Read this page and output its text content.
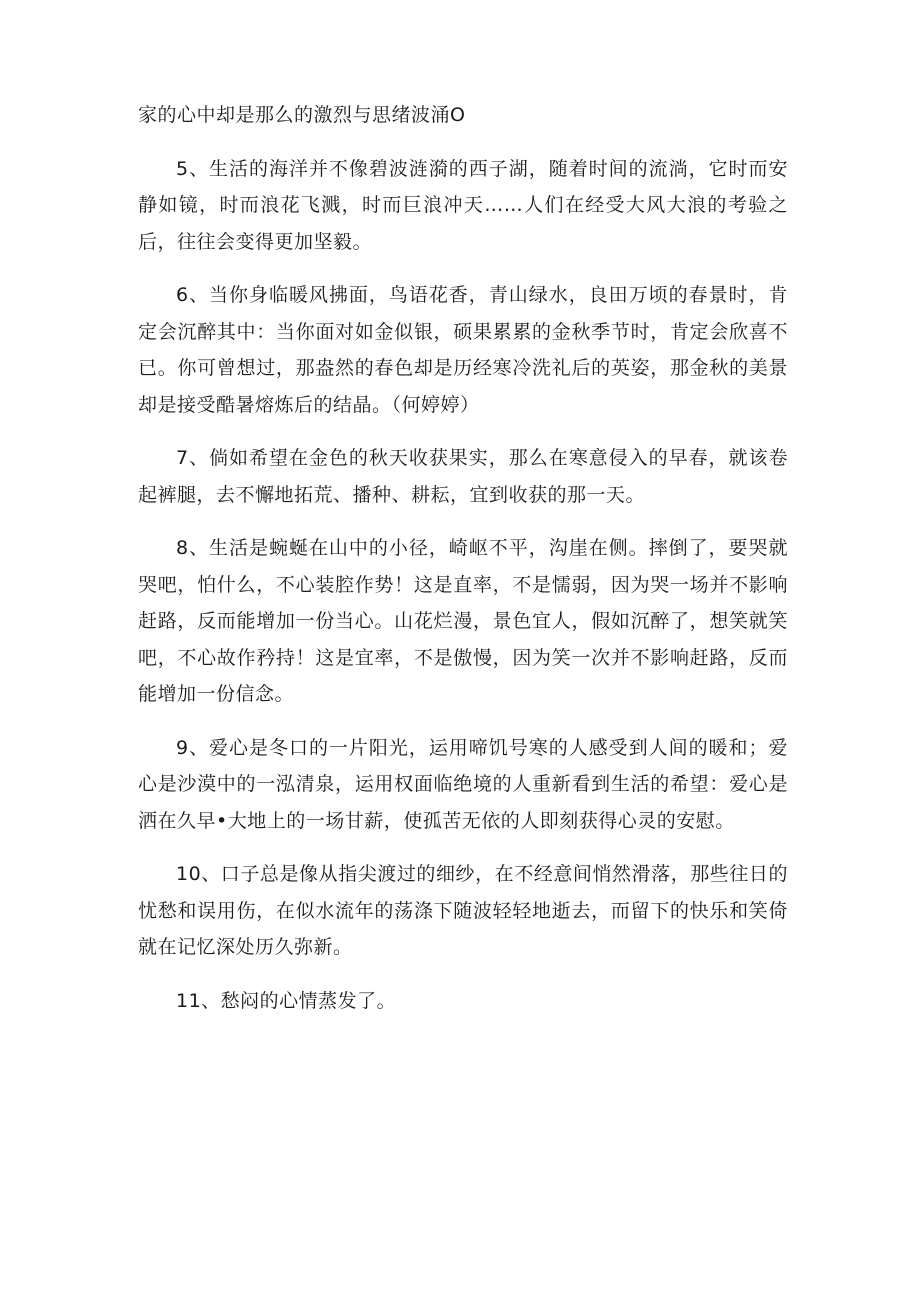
家的心中却是那么的激烈与思绪波涌O

5、生活的海洋并不像碧波涟漪的西子湖，随着时间的流淌，它时而安静如镜，时而浪花飞溅，时而巨浪冲天……人们在经受大风大浪的考验之后，往往会变得更加坚毅。

6、当你身临暖风拂面，鸟语花香，青山绿水，良田万顷的春景时，肯定会沉醉其中：当你面对如金似银，硕果累累的金秋季节时，肯定会欣喜不已。你可曾想过，那盎然的春色却是历经寒冷洗礼后的英姿，那金秋的美景却是接受酷暑熔炼后的结晶。（何婷婷）

7、倘如希望在金色的秋天收获果实，那么在寒意侵入的早春，就该卷起裤腿，去不懈地拓荒、播种、耕耘，宜到收获的那一天。

8、生活是蜿蜒在山中的小径，崎岖不平，沟崖在侧。摔倒了，要哭就哭吧，怕什么，不心装腔作势！这是直率，不是懦弱，因为哭一场并不影响赶路，反而能增加一份当心。山花烂漫，景色宜人，假如沉醉了，想笑就笑吧，不心故作矜持！这是宜率，不是傲慢，因为笑一次并不影响赶路，反而能增加一份信念。

9、爱心是冬口的一片阳光，运用啼饥号寒的人感受到人间的暖和；爱心是沙漠中的一泓清泉，运用权面临绝境的人重新看到生活的希望：爱心是洒在久早•大地上的一场甘薪，使孤苦无依的人即刻获得心灵的安慰。

10、口子总是像从指尖渡过的细纱，在不经意间悄然滑落，那些往日的忧愁和误用伤，在似水流年的荡涤下随波轻轻地逝去，而留下的快乐和笑倚就在记忆深处历久弥新。

11、愁闷的心情蒸发了。
